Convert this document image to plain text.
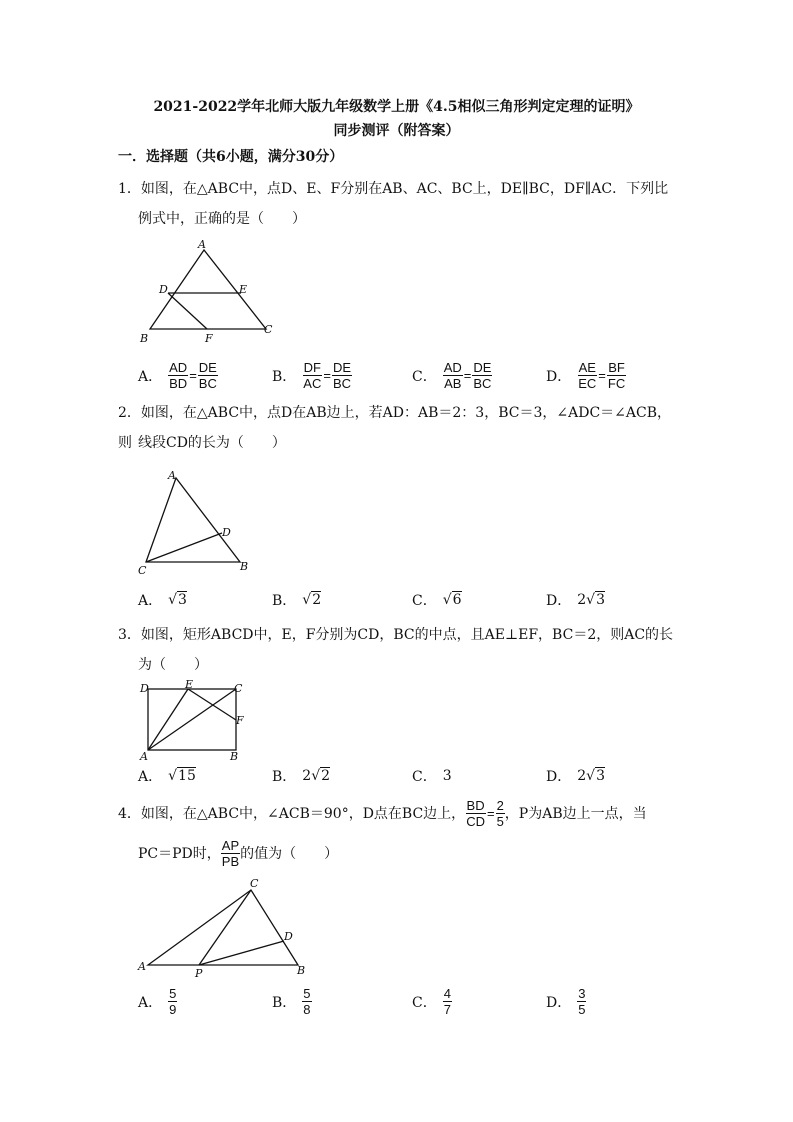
2021-2022学年北师大版九年级数学上册《4.5相似三角形判定定理的证明》
同步测评（附答案）
一．选择题（共6小题，满分30分）
1．如图，在△ABC中，点D、E、F分别在AB、AC、BC上，DE∥BC，DF∥AC．下列比
例式中，正确的是（　　）
A
D	E
B	F
C
A． $\frac{AD}{BD} = \frac{DE}{BC}$	B． $\frac{DF}{AC} = \frac{DE}{BC}$	C． $\frac{AD}{AB} = \frac{DE}{BC}$	D． $\frac{AE}{EC} = \frac{BF}{FC}$
2．如图，在△ABC中，点D在AB边上，若AD：AB＝2：3，BC＝3，∠ADC＝∠ACB，则 线段CD的长为（　　）
A
D
C	B
A． √3	B． √2	C． √6	D． 2 √3
3．如图，矩形ABCD中，E，F分别为CD，BC的中点，且AE⊥EF，BC＝2，则AC的长
为（　　）
D	E	C
F
A	B
A． √15	B． 2 √2	C． 3	D． 2 √3
4．如图，在△ABC中，∠ACB＝90°，D点在BC边上， $\frac{BD}{CD} = \frac{2}{5}$ ，P为AB边上一点，当
PC＝PD时， $\frac{AP}{PB}$ 的值为（　　）
C
D
A
P	B
A． $\frac{5}{9}$	B． $\frac{5}{8}$	C． $\frac{4}{7}$	D． $\frac{3}{5}$
